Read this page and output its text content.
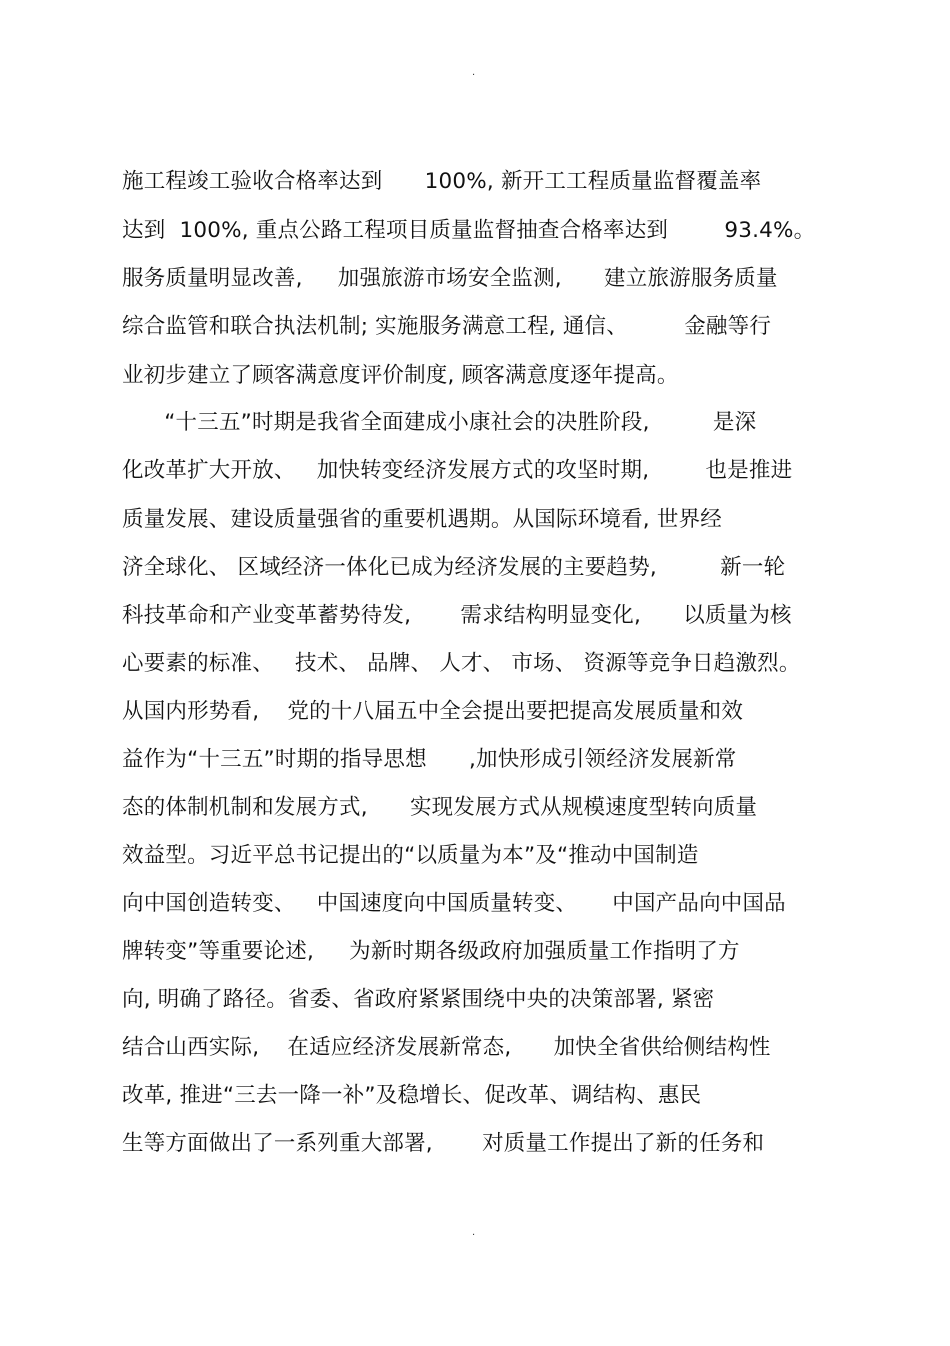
.
施工程竣工验收合格率达到      100%, 新开工工程质量监督覆盖率
达到  100%, 重点公路工程项目质量监督抽查合格率达到        93.4%。
服务质量明显改善,     加强旅游市场安全监测,      建立旅游服务质量
综合监管和联合执法机制; 实施服务满意工程, 通信、        金融等行
业初步建立了顾客满意度评价制度, 顾客满意度逐年提高。
“十三五”时期是我省全面建成小康社会的决胜阶段,         是深
化改革扩大开放、   加快转变经济发展方式的攻坚时期,        也是推进
质量发展、建设质量强省的重要机遇期。从国际环境看, 世界经
济全球化、 区域经济一体化已成为经济发展的主要趋势,         新一轮
科技革命和产业变革蓄势待发,       需求结构明显变化,      以质量为核
心要素的标准、   技术、 品牌、 人才、 市场、 资源等竞争日趋激烈。
从国内形势看,    党的十八届五中全会提出要把提高发展质量和效
益作为“十三五”时期的指导思想      ,加快形成引领经济发展新常
态的体制机制和发展方式,      实现发展方式从规模速度型转向质量
效益型。习近平总书记提出的“以质量为本”及“推动中国制造
向中国创造转变、   中国速度向中国质量转变、     中国产品向中国品
牌转变”等重要论述,     为新时期各级政府加强质量工作指明了方
向, 明确了路径。省委、省政府紧紧围绕中央的决策部署, 紧密
结合山西实际,    在适应经济发展新常态,      加快全省供给侧结构性
改革, 推进“三去一降一补”及稳增长、促改革、调结构、惠民
生等方面做出了一系列重大部署,       对质量工作提出了新的任务和
.
